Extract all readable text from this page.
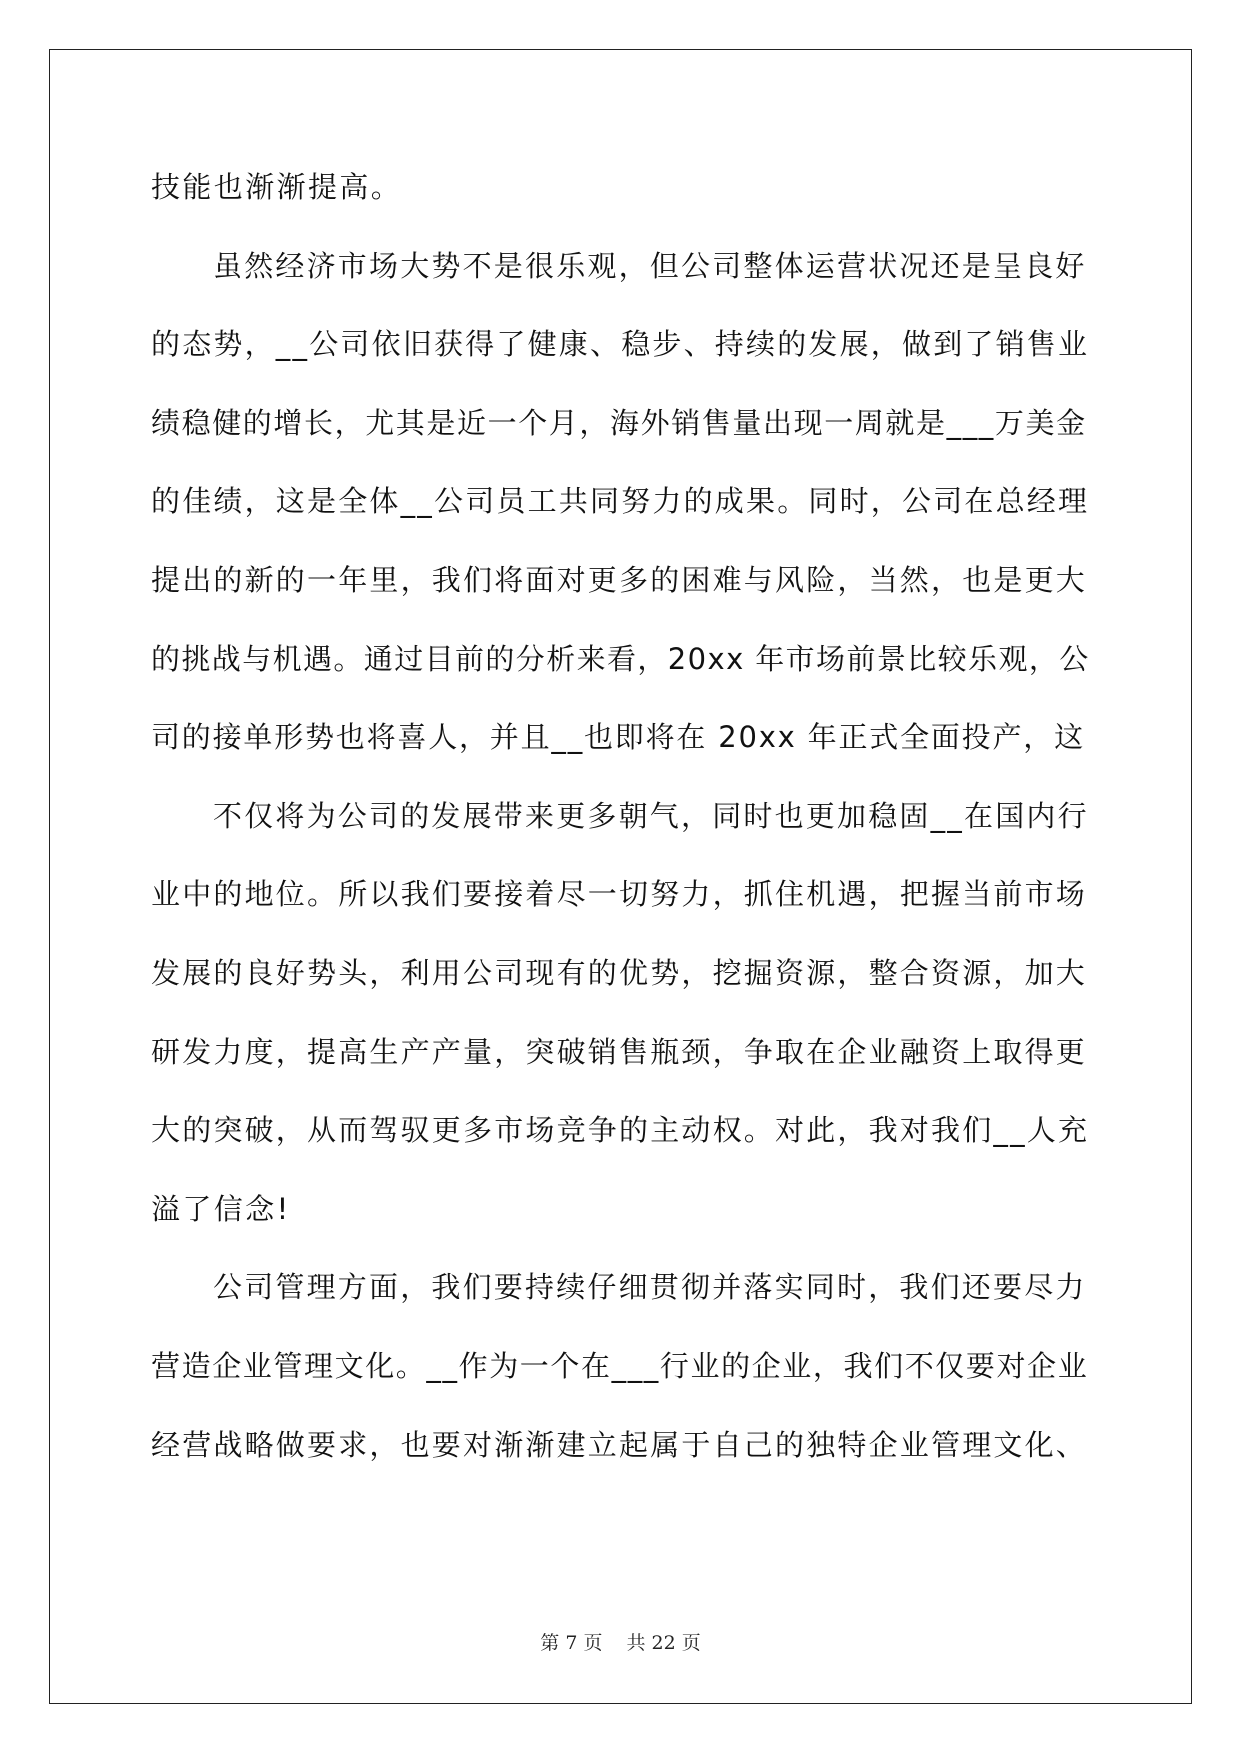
技能也渐渐提高。
虽然经济市场大势不是很乐观，但公司整体运营状况还是呈良好
的态势，__公司依旧获得了健康、稳步、持续的发展，做到了销售业
绩稳健的增长，尤其是近一个月，海外销售量出现一周就是___万美金
的佳绩，这是全体__公司员工共同努力的成果。同时，公司在总经理
提出的新的一年里，我们将面对更多的困难与风险，当然，也是更大
的挑战与机遇。通过目前的分析来看，20xx 年市场前景比较乐观，公
司的接单形势也将喜人，并且__也即将在 20xx 年正式全面投产，这
不仅将为公司的发展带来更多朝气，同时也更加稳固__在国内行
业中的地位。所以我们要接着尽一切努力，抓住机遇，把握当前市场
发展的良好势头，利用公司现有的优势，挖掘资源，整合资源，加大
研发力度，提高生产产量，突破销售瓶颈，争取在企业融资上取得更
大的突破，从而驾驭更多市场竞争的主动权。对此，我对我们__人充
溢了信念!
公司管理方面，我们要持续仔细贯彻并落实同时，我们还要尽力
营造企业管理文化。__作为一个在___行业的企业，我们不仅要对企业
经营战略做要求，也要对渐渐建立起属于自己的独特企业管理文化、
第 7 页 共 22 页
